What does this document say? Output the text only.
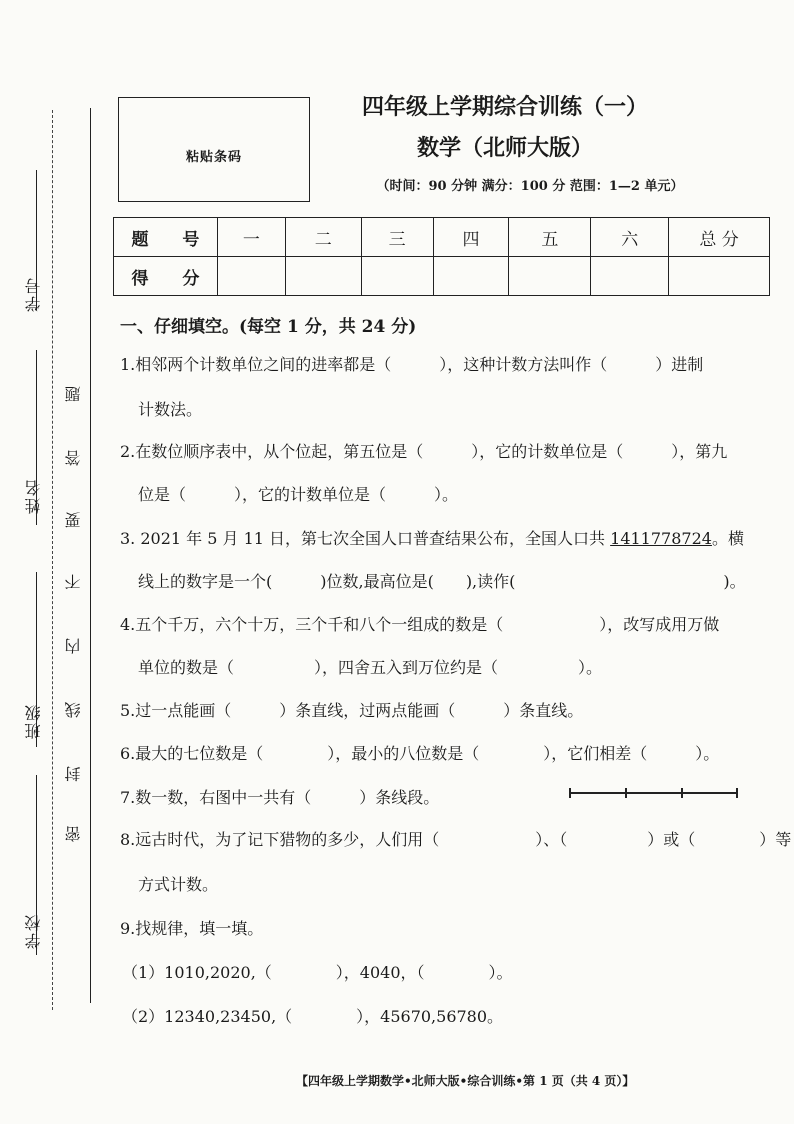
学号
姓名
班级
学校
密
封
线
内
不
要
答
题
粘贴条码
四年级上学期综合训练（一）
数学（北师大版）
（时间：90 分钟 满分：100 分 范围：1—2 单元）
题 号	一	二	三	四	五	六	总 分
得 分							
一、仔细填空。(每空 1 分，共 24 分)
1.相邻两个计数单位之间的进率都是（　　　），这种计数方法叫作（　　　）进制
计数法。
2.在数位顺序表中，从个位起，第五位是（　　　），它的计数单位是（　　　），第九
位是（　　　），它的计数单位是（　　　）。
3. 2021 年 5 月 11 日，第七次全国人口普查结果公布，全国人口共 1411778724。横
线上的数字是一个(　　　)位数,最高位是(　　),读作(　　　　　　　　　　　　　)。
4.五个千万，六个十万，三个千和八个一组成的数是（　　　　　　），改写成用万做
单位的数是（　　　　　），四舍五入到万位约是（　　　　　）。
5.过一点能画（　　　）条直线，过两点能画（　　　）条直线。
6.最大的七位数是（　　　　），最小的八位数是（　　　　），它们相差（　　　）。
7.数一数，右图中一共有（　　　）条线段。
8.远古时代，为了记下猎物的多少，人们用（　　　　　　）、（　　　　　）或（　　　　）等
方式计数。
9.找规律，填一填。
（1）1010,2020,（　　　　），4040，（　　　　）。
（2）12340,23450,（　　　　），45670,56780。
【四年级上学期数学•北师大版•综合训练•第 1 页（共 4 页）】
